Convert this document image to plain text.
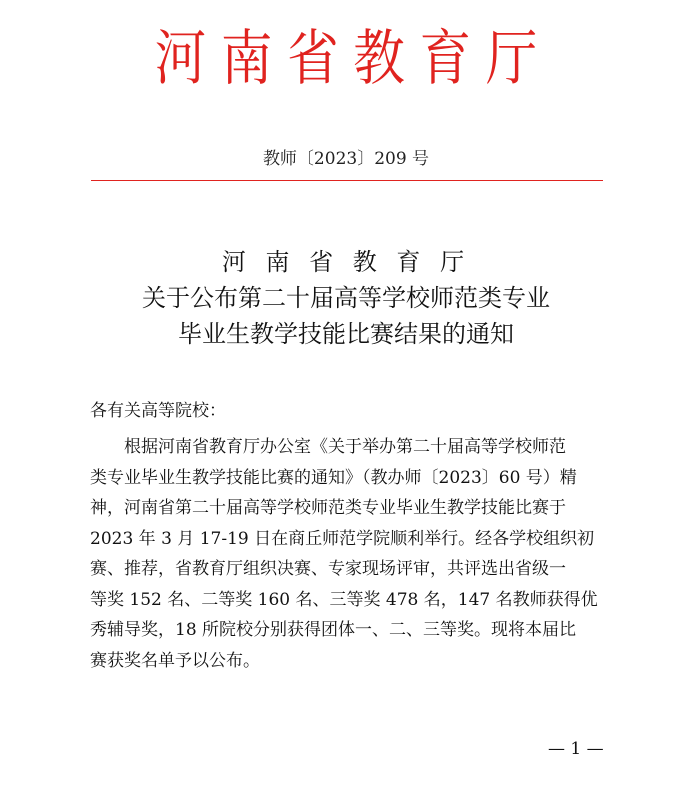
河南省教育厅
教师〔2023〕209 号
河 南 省 教 育 厅
关于公布第二十届高等学校师范类专业
毕业生教学技能比赛结果的通知
各有关高等院校：
根据河南省教育厅办公室《关于举办第二十届高等学校师范
类专业毕业生教学技能比赛的通知》（教办师〔2023〕60 号）精
神，河南省第二十届高等学校师范类专业毕业生教学技能比赛于
2023 年 3 月 17-19 日在商丘师范学院顺利举行。经各学校组织初
赛、推荐，省教育厅组织决赛、专家现场评审，共评选出省级一
等奖 152 名、二等奖 160 名、三等奖 478 名，147 名教师获得优
秀辅导奖，18 所院校分别获得团体一、二、三等奖。现将本届比
赛获奖名单予以公布。
— 1 —
